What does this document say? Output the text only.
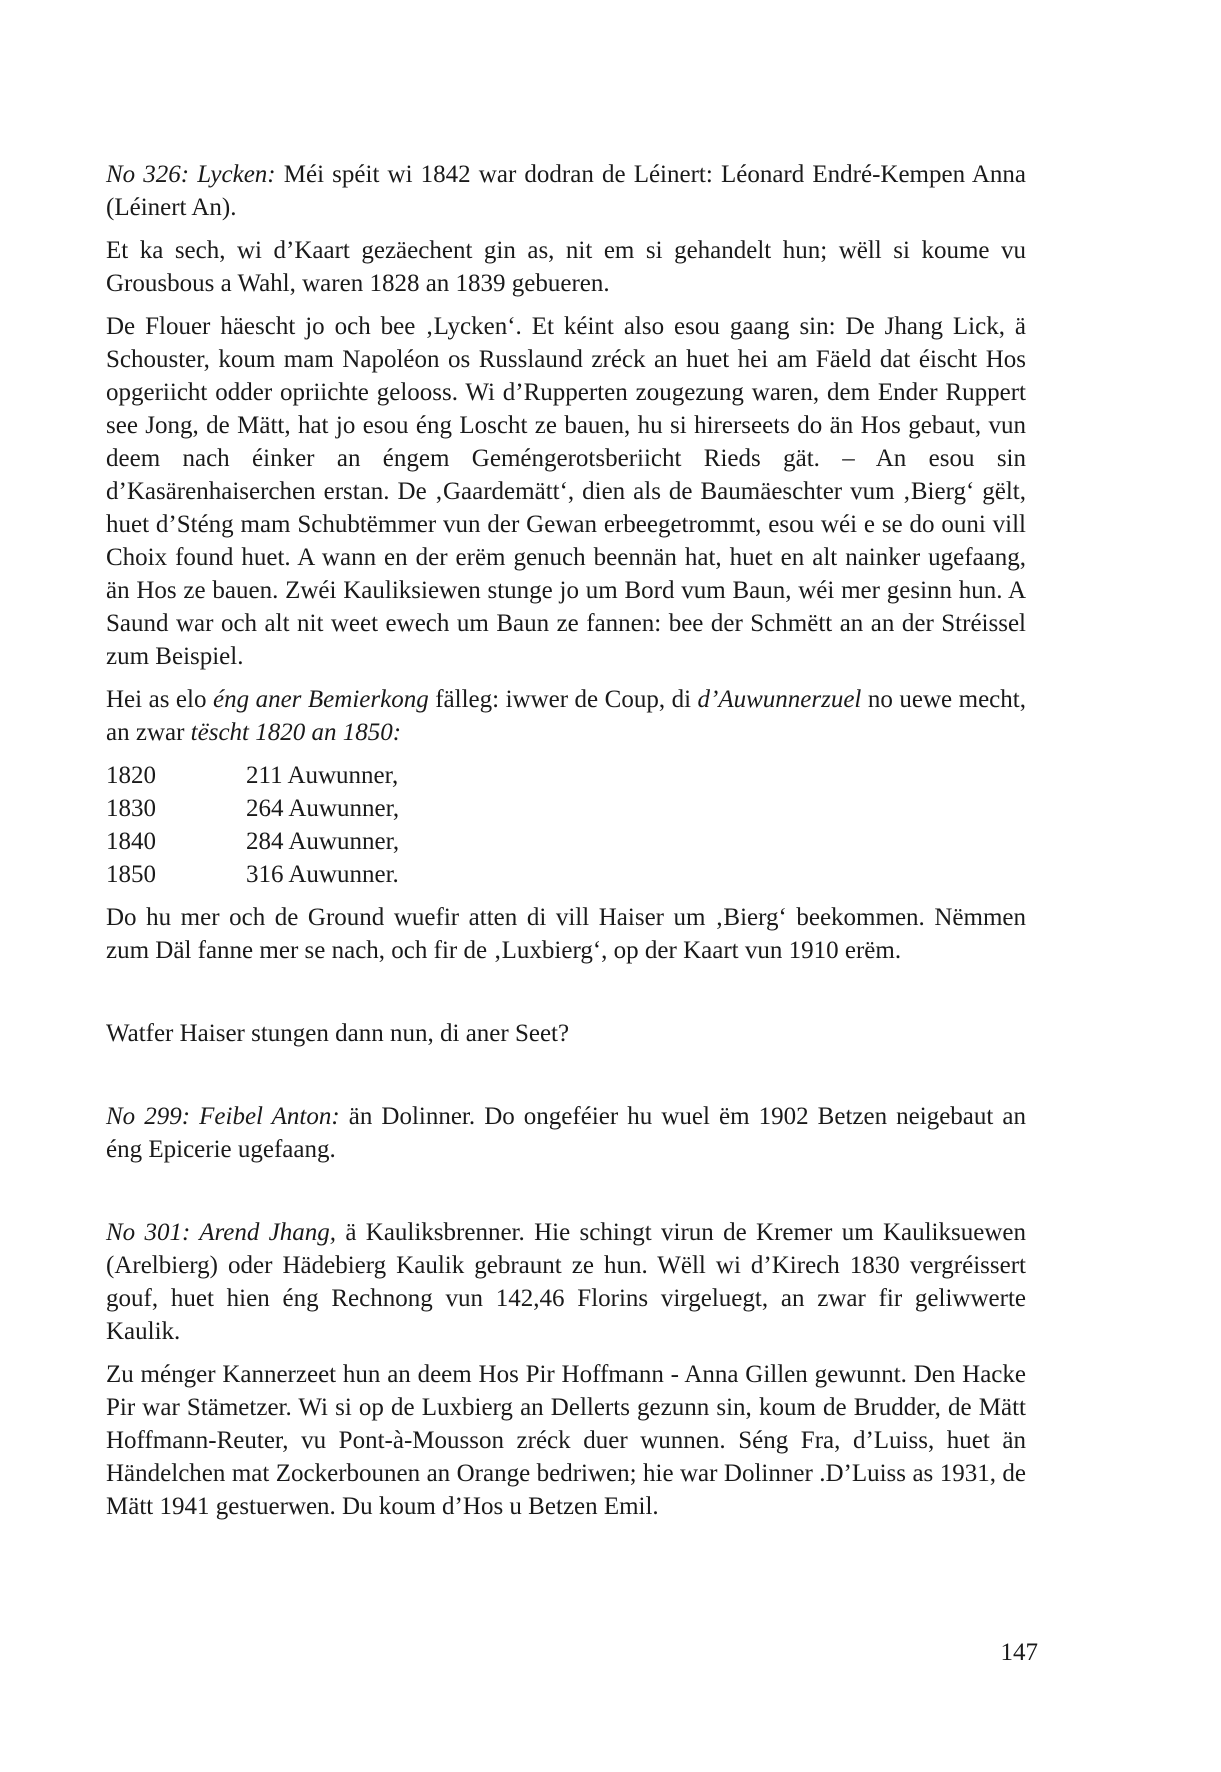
No 326: Lycken: Méi spéit wi 1842 war dodran de Léinert: Léonard Endré-Kempen Anna (Léinert An).

Et ka sech, wi d’Kaart gezäechent gin as, nit em si gehandelt hun; wëll si koume vu Grousbous a Wahl, waren 1828 an 1839 gebueren.

De Flouer häescht jo och bee ‚Lycken‘. Et kéint also esou gaang sin: De Jhang Lick, ä Schouster, koum mam Napoléon os Russlaund zréck an huet hei am Fäeld dat éischt Hos opgeriicht odder opriichte gelooss. Wi d’Rupperten zougezung waren, dem Ender Ruppert see Jong, de Mätt, hat jo esou éng Loscht ze bauen, hu si hirerseets do än Hos gebaut, vun deem nach éinker an éngem Geméngerotsberiicht Rieds gät. – An esou sin d’Kasärenhaiserchen erstan. De ‚Gaardemätt‘, dien als de Baumäeschter vum ‚Bierg‘ gëlt, huet d’Sténg mam Schubtëmmer vun der Gewan erbeegetrommt, esou wéi e se do ouni vill Choix found huet. A wann en der erëm genuch beennän hat, huet en alt nainker ugefaang, än Hos ze bauen. Zwéi Kauliksiewen stunge jo um Bord vum Baun, wéi mer gesinn hun. A Saund war och alt nit weet ewech um Baun ze fannen: bee der Schmëtt an an der Stréissel zum Beispiel.

Hei as elo éng aner Bemierkong fälleg: iwwer de Coup, di d’Auwunnerzuel no uewe mecht, an zwar tëscht 1820 an 1850:

1820	211 Auwunner,
1830	264 Auwunner,
1840	284 Auwunner,
1850	316 Auwunner.

Do hu mer och de Ground wuefir atten di vill Haiser um ‚Bierg‘ beekommen. Nëmmen zum Däl fanne mer se nach, och fir de ‚Luxbierg‘, op der Kaart vun 1910 erëm.

Watfer Haiser stungen dann nun, di aner Seet?

No 299: Feibel Anton: än Dolinner. Do ongeféier hu wuel ëm 1902 Betzen neigebaut an éng Epicerie ugefaang.

No 301: Arend Jhang, ä Kauliksbrenner. Hie schingt virun de Kremer um Kauliksuewen (Arelbierg) oder Hädebierg Kaulik gebraunt ze hun. Wëll wi d’Kirech 1830 vergréissert gouf, huet hien éng Rechnong vun 142,46 Florins virgeluegt, an zwar fir geliwwerte Kaulik.

Zu ménger Kannerzeet hun an deem Hos Pir Hoffmann - Anna Gillen gewunnt. Den Hacke Pir war Stämetzer. Wi si op de Luxbierg an Dellerts gezunn sin, koum de Brudder, de Mätt Hoffmann-Reuter, vu Pont-à-Mousson zréck duer wunnen. Séng Fra, d’Luiss, huet än Händelchen mat Zockerbounen an Orange bedriwen; hie war Dolinner .D’Luiss as 1931, de Mätt 1941 gestuerwen. Du koum d’Hos u Betzen Emil.

147
